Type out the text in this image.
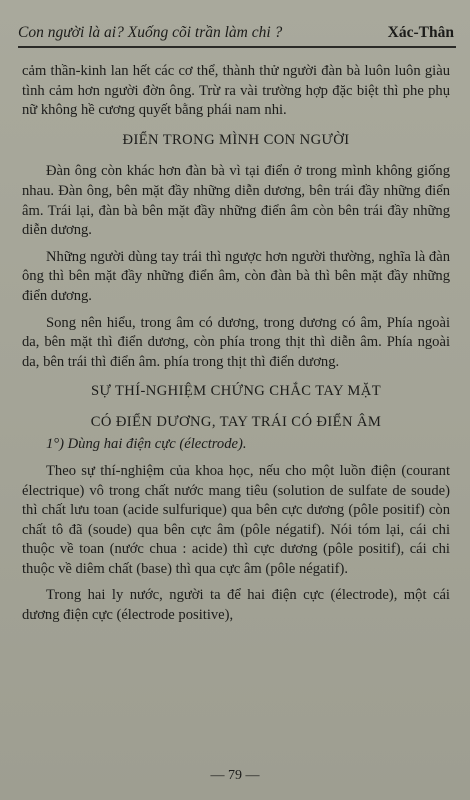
Con người là ai? Xuống cõi trần làm chi ?	Xác-Thân

cảm thần-kinh lan hết các cơ thể, thành thử người đàn bà luôn luôn giàu tình cảm hơn người đờn ông. Trừ ra vài trường hợp đặc biệt thì phe phụ nữ không hề cương quyết bằng phái nam nhi.

ĐIỂN TRONG MÌNH CON NGƯỜI

Đàn ông còn khác hơn đàn bà vì tại điển ở trong mình không giống nhau. Đàn ông, bên mặt đầy những diễn dương, bên trái đầy những điển âm. Trái lại, đàn bà bên mặt đầy những điển âm còn bên trái đầy những diễn dương.

Những người dùng tay trái thì ngược hơn người thường, nghĩa là đàn ông thì bên mặt đầy những điển âm, còn đàn bà thì bên mặt đầy những điển dương.

Song nên hiểu, trong âm có dương, trong dương có âm, Phía ngoài da, bên mặt thì điển dương, còn phía trong thịt thì diễn âm. Phía ngoài da, bên trái thì điển âm. phía trong thịt thì điển dương.

SỰ THÍ-NGHIỆM CHỨNG CHẮC TAY MẶT
CÓ ĐIỂN DƯƠNG, TAY TRÁI CÓ ĐIỂN ÂM

1°) Dùng hai điện cực (électrode).

Theo sự thí-nghiệm của khoa học, nếu cho một luồn điện (courant électrique) vô trong chất nước mang tiêu (solution de sulfate de soude) thì chất lưu toan (acide sulfurique) qua bên cực dương (pôle positif) còn chất tô đã (soude) qua bên cực âm (pôle négatif). Nói tóm lại, cái chi thuộc về toan (nước chua : acide) thì cực dương (pôle positif), cái chi thuộc về diêm chất (base) thì qua cực âm (pôle négatif).

Trong hai ly nước, người ta để hai điện cực (électrode), một cái dương điện cực (électrode positive),

— 79 —
